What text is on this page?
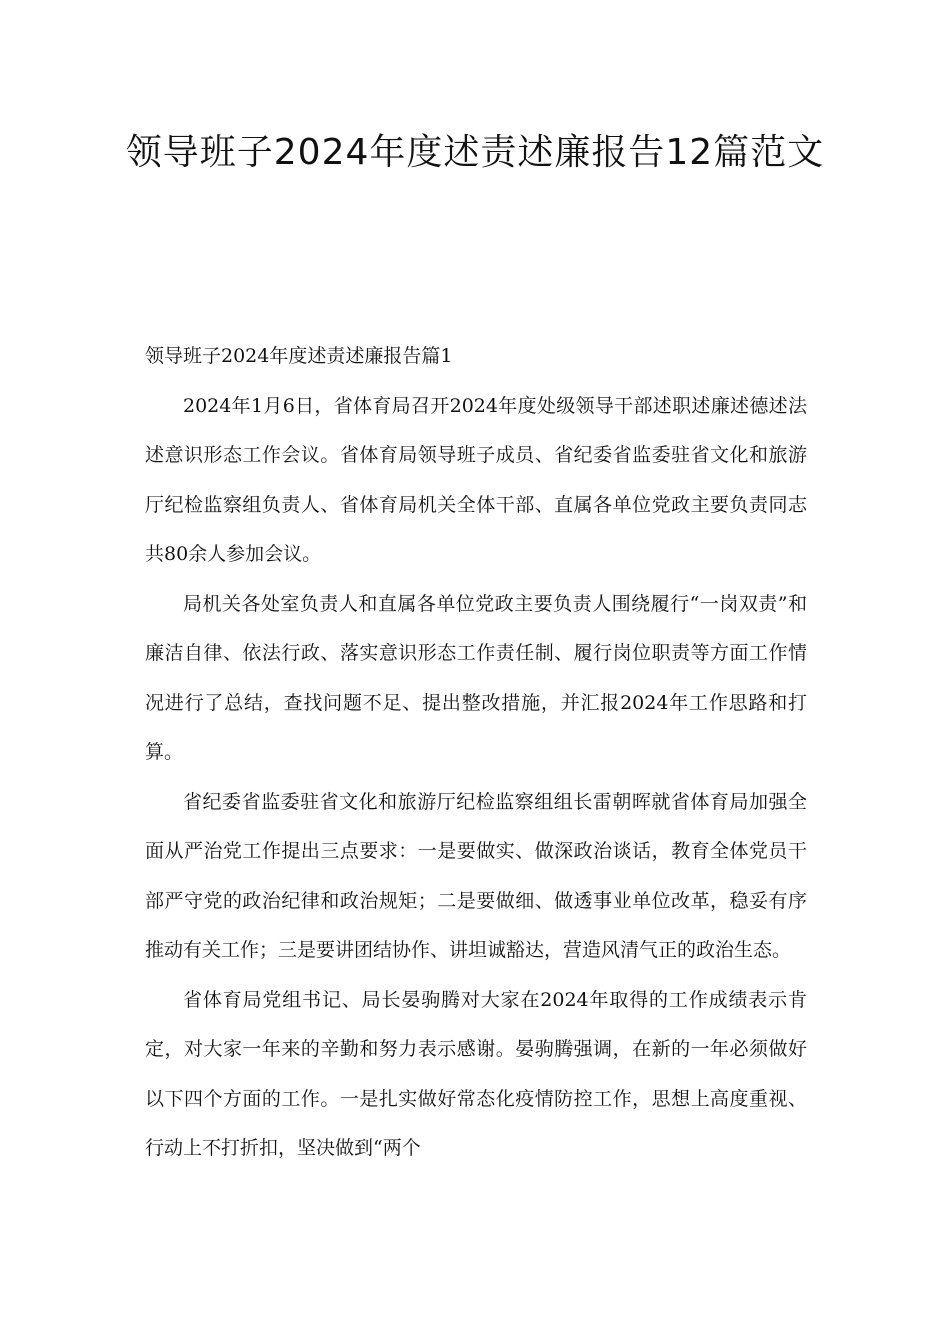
领导班子2024年度述责述廉报告12篇范文

领导班子2024年度述责述廉报告篇1

2024年1月6日，省体育局召开2024年度处级领导干部述职述廉述德述法述意识形态工作会议。省体育局领导班子成员、省纪委省监委驻省文化和旅游厅纪检监察组负责人、省体育局机关全体干部、直属各单位党政主要负责同志共80余人参加会议。

局机关各处室负责人和直属各单位党政主要负责人围绕履行“一岗双责”和廉洁自律、依法行政、落实意识形态工作责任制、履行岗位职责等方面工作情况进行了总结，查找问题不足、提出整改措施，并汇报2024年工作思路和打算。

省纪委省监委驻省文化和旅游厅纪检监察组组长雷朝晖就省体育局加强全面从严治党工作提出三点要求：一是要做实、做深政治谈话，教育全体党员干部严守党的政治纪律和政治规矩；二是要做细、做透事业单位改革，稳妥有序推动有关工作；三是要讲团结协作、讲坦诚豁达，营造风清气正的政治生态。

省体育局党组书记、局长晏驹腾对大家在2024年取得的工作成绩表示肯定，对大家一年来的辛勤和努力表示感谢。晏驹腾强调，在新的一年必须做好以下四个方面的工作。一是扎实做好常态化疫情防控工作，思想上高度重视、行动上不打折扣，坚决做到“两个
